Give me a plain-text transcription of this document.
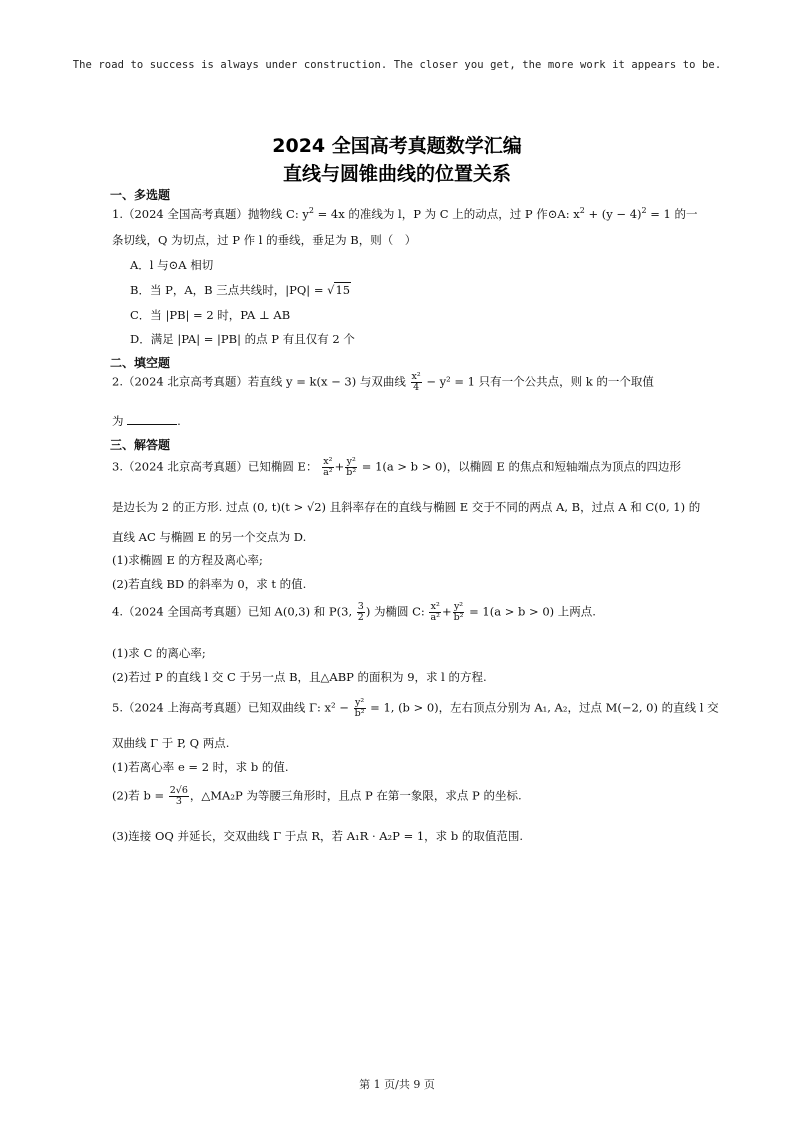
The road to success is always under construction. The closer you get, the more work it appears to be.
2024 全国高考真题数学汇编
直线与圆锥曲线的位置关系
一、多选题
1.（2024 全国高考真题）抛物线 C: $y^2 = 4x$ 的准线为 l，P 为 C 上的动点，过 P 作⊙A: $x^2 + (y - 4)^2 = 1$ 的一
条切线，Q 为切点，过 P 作 l 的垂线，垂足为 B，则（　）
A．l 与⊙A 相切
B．当 P，A，B 三点共线时，|PQ| = √15
C．当 |PB| = 2 时，PA ⊥ AB
D．满足 |PA| = |PB| 的点 P 有且仅有 2 个
二、填空题
2.（2024 北京高考真题）若直线 y = k(x − 3) 与双曲线 $\frac{\text{x²}}{4} - y^2 = 1$ 只有一个公共点，则 k 的一个取值
为	.
三、解答题
3.（2024 北京高考真题）已知椭圆 E： $\frac{\text{x²}}{\text{a²}} + \frac{\text{y²}}{\text{b²}} = 1(a > b > 0)$，以椭圆 E 的焦点和短轴端点为顶点的四边形
是边长为 2 的正方形. 过点 (0, t)(t > √2) 且斜率存在的直线与椭圆 E 交于不同的两点 A, B，过点 A 和 C(0, 1) 的
直线 AC 与椭圆 E 的另一个交点为 D.
(1)求椭圆 E 的方程及离心率;
(2)若直线 BD 的斜率为 0，求 t 的值.
4.（2024 全国高考真题）已知 A(0,3) 和 P(3, $\frac{3}{2}$ ) 为椭圆 C: $\frac{\text{x²}}{\text{a²}} + \frac{\text{y²}}{\text{b²}} = 1(a > b > 0)$ 上两点.
(1)求 C 的离心率;
(2)若过 P 的直线 l 交 C 于另一点 B，且△ABP 的面积为 9，求 l 的方程.
5.（2024 上海高考真题）已知双曲线 Γ: $x^2 - \frac{\text{y²}}{\text{b²}} = 1$, (b > 0)，左右顶点分别为 A₁, A₂，过点 M(−2, 0) 的直线 l 交
双曲线 Γ 于 P, Q 两点.
(1)若离心率 e = 2 时，求 b 的值.
(2)若 $b = \frac{2√6}{3}$ ，△MA₂P 为等腰三角形时，且点 P 在第一象限，求点 P 的坐标.
(3)连接 OQ 并延长，交双曲线 Γ 于点 R，若 A₁R · A₂P = 1，求 b 的取值范围.
第 1 页/共 9 页
